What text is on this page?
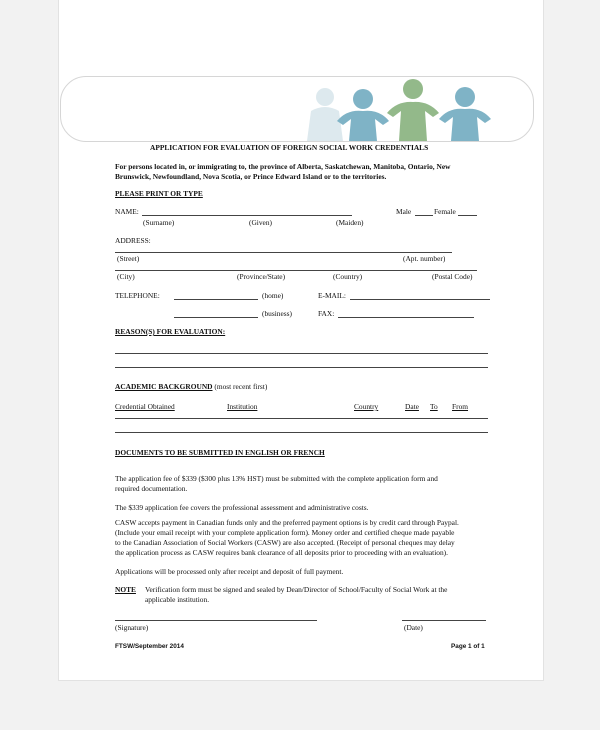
APPLICATION FOR EVALUATION OF FOREIGN SOCIAL WORK CREDENTIALS
For persons located in, or immigrating to, the province of Alberta, Saskatchewan, Manitoba, Ontario, New
Brunswick, Newfoundland, Nova Scotia, or Prince Edward Island or to the territories.
PLEASE PRINT OR TYPE
NAME:	Male	Female
(Surname)	(Given)	(Maiden)
ADDRESS:
(Street)	(Apt. number)
(City)	(Province/State)	(Country)	(Postal Code)
TELEPHONE:	(home)	E-MAIL:
(business)	FAX:
REASON(S) FOR EVALUATION:
ACADEMIC BACKGROUND (most recent first)
Credential Obtained	Institution	Country	Date To From
DOCUMENTS TO BE SUBMITTED IN ENGLISH OR FRENCH
The application fee of $339 ($300 plus 13% HST) must be submitted with the complete application form and
required documentation.
The $339 application fee covers the professional assessment and administrative costs.
CASW accepts payment in Canadian funds only and the preferred payment options is by credit card through Paypal.
(Include your email receipt with your complete application form). Money order and certified cheque made payable
to the Canadian Association of Social Workers (CASW) are also accepted. (Receipt of personal cheques may delay
the application process as CASW requires bank clearance of all deposits prior to proceeding with an evaluation).
Applications will be processed only after receipt and deposit of full payment.
NOTE Verification form must be signed and sealed by Dean/Director of School/Faculty of Social Work at the
applicable institution.
(Signature)	(Date)
FTSW/September 2014	Page 1 of 1
